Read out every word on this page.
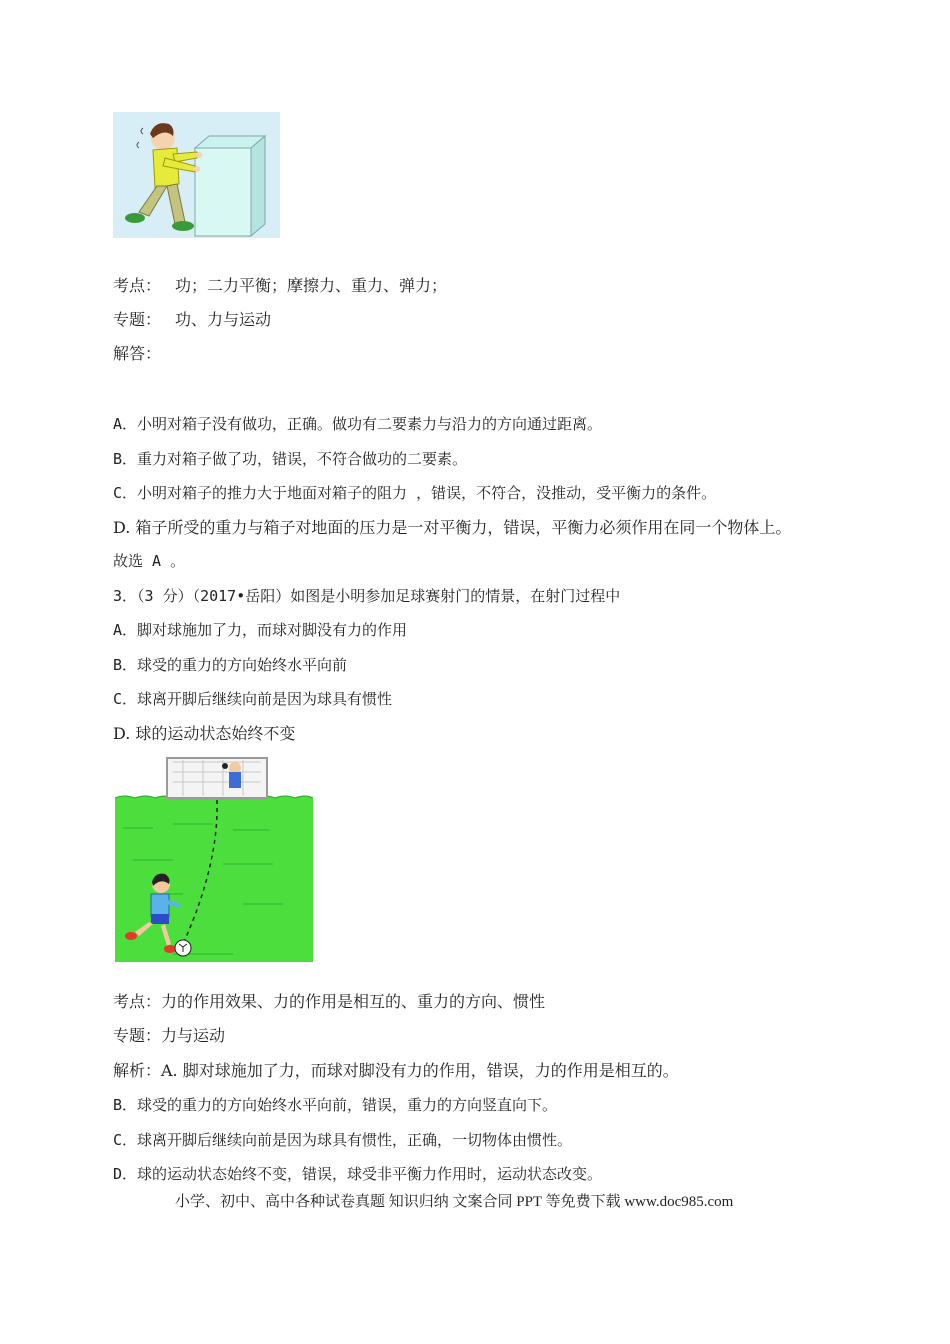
考点： 功；二力平衡；摩擦力、重力、弹力；
专题： 功、力与运动
解答：
A．小明对箱子没有做功，正确。做功有二要素力与沿力的方向通过距离。
B．重力对箱子做了功，错误，不符合做功的二要素。
C．小明对箱子的推力大于地面对箱子的阻力 ，错误，不符合，没推动，受平衡力的条件。
D. 箱子所受的重力与箱子对地面的压力是一对平衡力，错误，平衡力必须作用在同一个物体上。
故选 A 。
3．（3 分）（2017•岳阳）如图是小明参加足球赛射门的情景，在射门过程中
A．脚对球施加了力，而球对脚没有力的作用
B．球受的重力的方向始终水平向前
C．球离开脚后继续向前是因为球具有惯性
D. 球的运动状态始终不变
考点：力的作用效果、力的作用是相互的、重力的方向、惯性
专题：力与运动
解析：A. 脚对球施加了力，而球对脚没有力的作用，错误，力的作用是相互的。
B．球受的重力的方向始终水平向前，错误，重力的方向竖直向下。
C．球离开脚后继续向前是因为球具有惯性，正确，一切物体由惯性。
D．球的运动状态始终不变，错误，球受非平衡力作用时，运动状态改变。
小学、初中、高中各种试卷真题 知识归纳 文案合同 PPT 等免费下载 www.doc985.com
